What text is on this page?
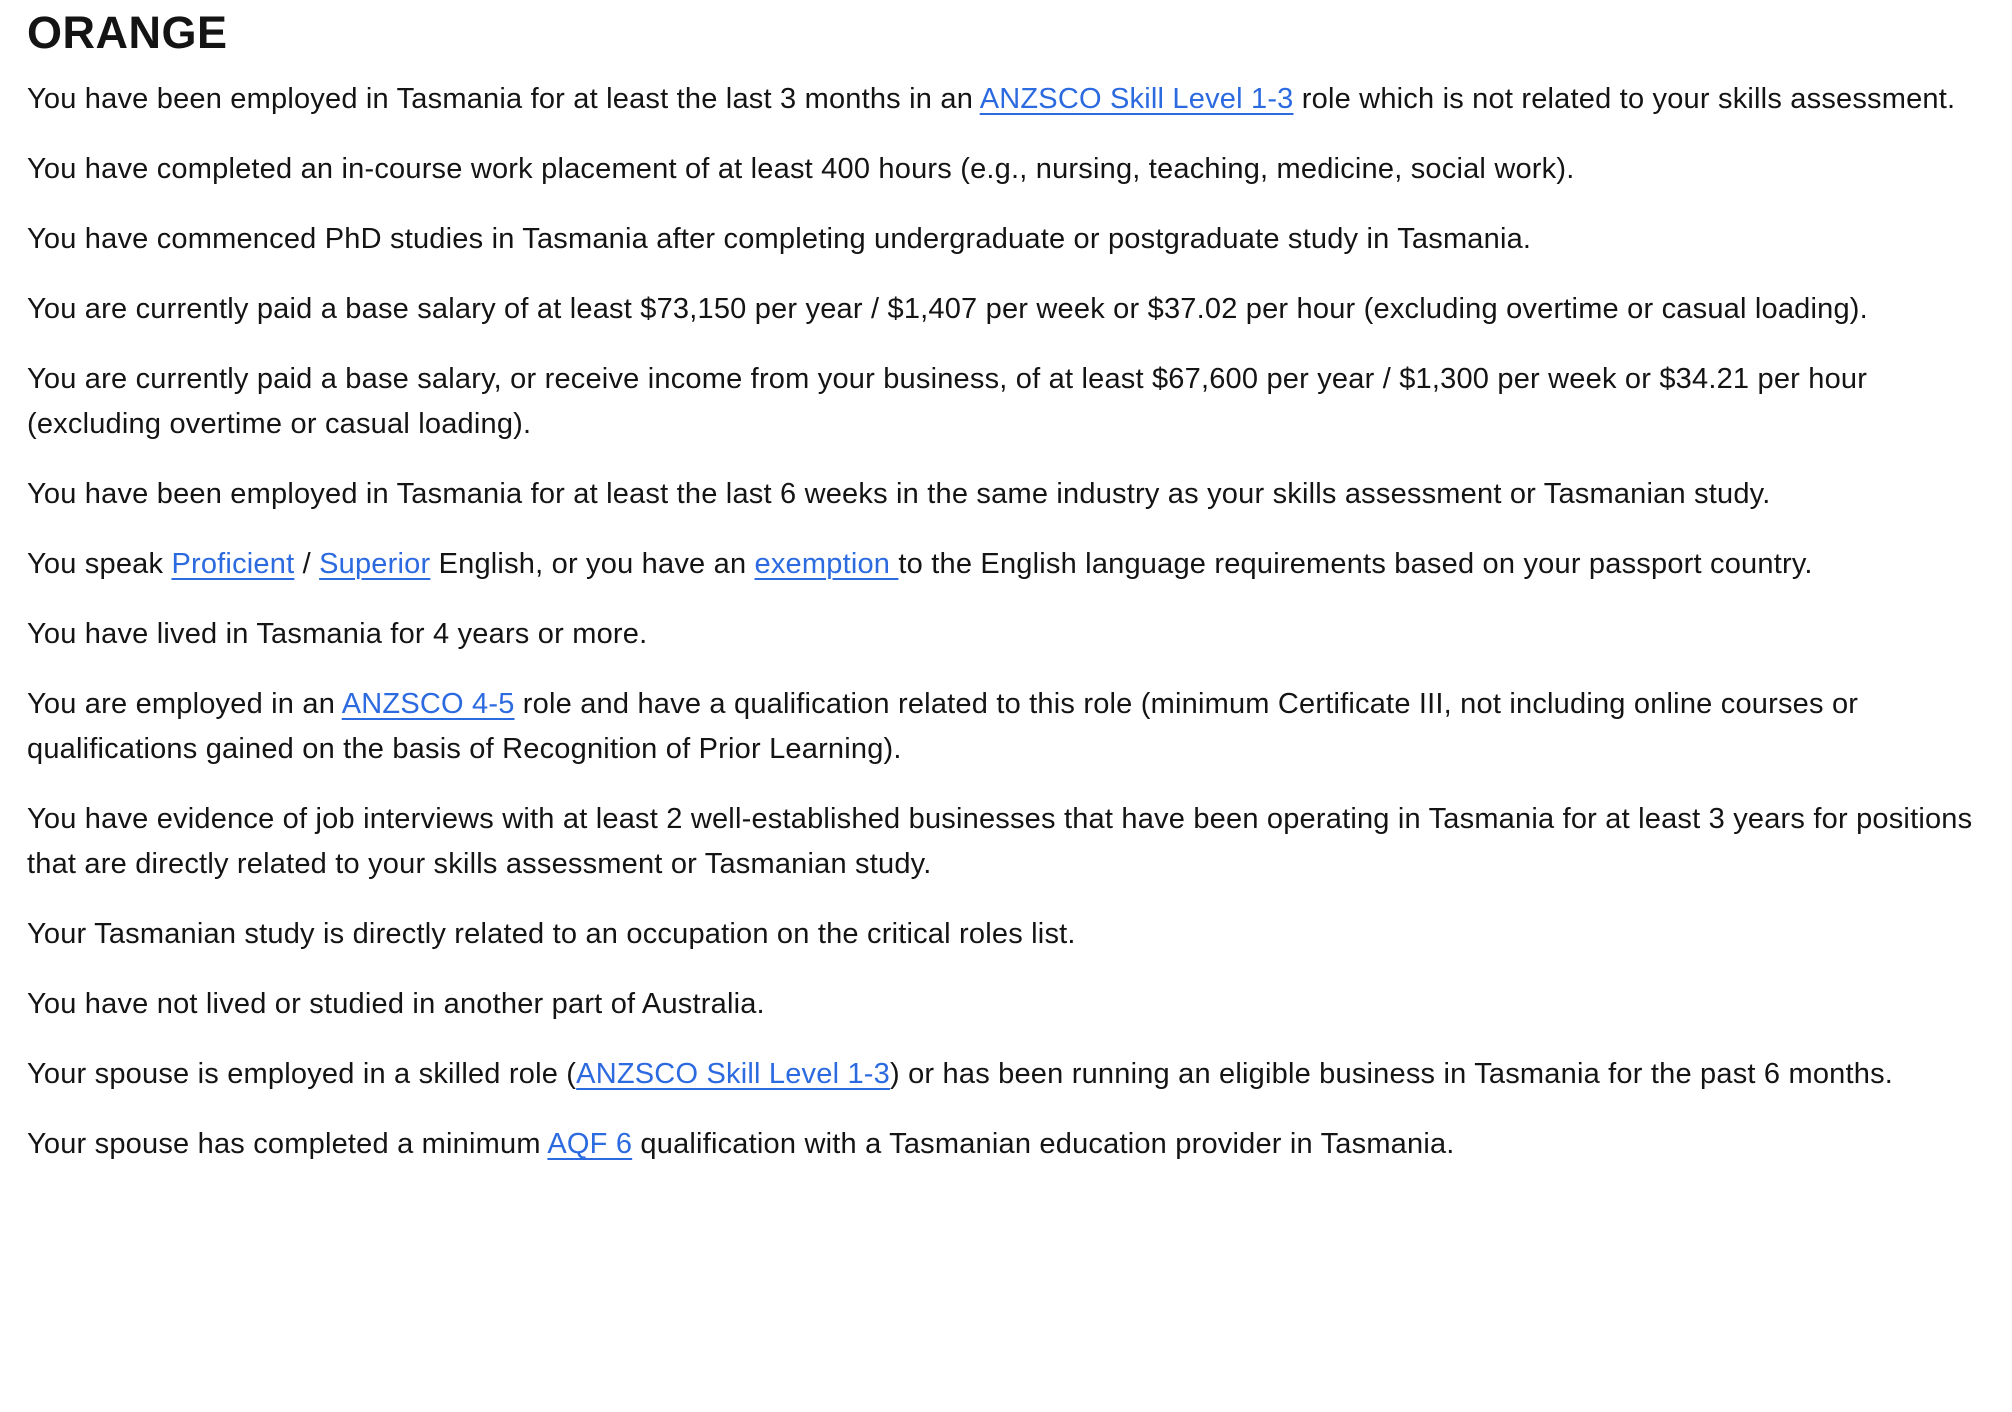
ORANGE

You have been employed in Tasmania for at least the last 3 months in an ANZSCO Skill Level 1-3 role which is not related to your skills assessment.

You have completed an in-course work placement of at least 400 hours (e.g., nursing, teaching, medicine, social work).

You have commenced PhD studies in Tasmania after completing undergraduate or postgraduate study in Tasmania.

You are currently paid a base salary of at least $73,150 per year / $1,407 per week or $37.02 per hour (excluding overtime or casual loading).

You are currently paid a base salary, or receive income from your business, of at least $67,600 per year / $1,300 per week or $34.21 per hour (excluding overtime or casual loading).

You have been employed in Tasmania for at least the last 6 weeks in the same industry as your skills assessment or Tasmanian study.

You speak Proficient / Superior English, or you have an exemption to the English language requirements based on your passport country.

You have lived in Tasmania for 4 years or more.

You are employed in an ANZSCO 4-5 role and have a qualification related to this role (minimum Certificate III, not including online courses or qualifications gained on the basis of Recognition of Prior Learning).

You have evidence of job interviews with at least 2 well-established businesses that have been operating in Tasmania for at least 3 years for positions that are directly related to your skills assessment or Tasmanian study.

Your Tasmanian study is directly related to an occupation on the critical roles list.

You have not lived or studied in another part of Australia.

Your spouse is employed in a skilled role (ANZSCO Skill Level 1-3) or has been running an eligible business in Tasmania for the past 6 months.

Your spouse has completed a minimum AQF 6 qualification with a Tasmanian education provider in Tasmania.
